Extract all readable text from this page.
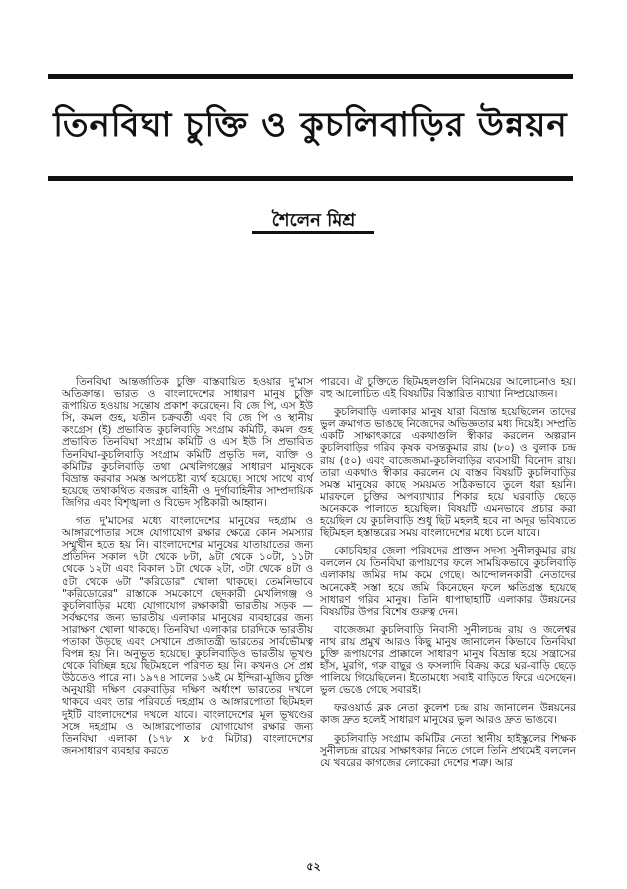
তিনবিঘা চুক্তি ও কুচলিবাড়ির উন্নয়ন
শৈলেন মিশ্র

তিনবিঘা আন্তর্জাতিক চুক্তি বাস্তবায়িত হওয়ার দু'মাস অতিক্রান্ত। ভারত ও বাংলাদেশের সাধারণ মানুষ চুক্তি রূপায়িত হওয়ায় সন্তোষ প্রকাশ করেছেন। বি জে পি, এস ইউ সি, কমল গুহ, যতীন চক্রবর্তী এবং বি জে পি ও স্থানীয় কংগ্রেস (ই) প্রভাবিত কুচলিবাড়ি সংগ্রাম কমিটি, কমল গুহ প্রভাবিত তিনবিঘা সংগ্রাম কমিটি ও এস ইউ সি প্রভাবিত তিনবিঘা-কুচলিবাড়ি সংগ্রাম কমিটি প্রভৃতি দল, ব্যক্তি ও কমিটির কুচলিবাড়ি তথা মেখলিগঞ্জের সাধারণ মানুষকে বিভ্রান্ত করবার সমস্ত অপচেষ্টা ব্যর্থ হয়েছে। সাথে সাথে ব্যর্থ হয়েছে তথাকথিত বজরঙ্গ বাহিনী ও দুর্গাবাহিনীর সাম্প্রদায়িক জিগির এবং বিশৃঙ্খলা ও বিভেদ সৃষ্টিকারী আহ্বান।

গত দু'মাসের মধ্যে বাংলাদেশের মানুষের দহগ্রাম ও আঙ্গারপোতার সঙ্গে যোগাযোগ রক্ষার ক্ষেত্রে কোন সমস্যার সম্মুখীন হতে হয় নি। বাংলাদেশের মানুষের যাতায়াতের জন্য প্রতিদিন সকাল ৭টা থেকে ৮টা, ৯টা থেকে ১০টা, ১১টা থেকে ১২টা এবং বিকাল ১টা থেকে ২টা, ৩টা থেকে ৪টা ও ৫টা থেকে ৬টা "করিডোর" খোলা থাকছে। তেমনিভাবে "করিডোরের" রাস্তাকে সমকোণে ছেদকারী মেখলিগঞ্জ ও কুচলিবাড়ির মধ্যে যোগাযোগ রক্ষাকারী ভারতীয় সড়ক — সর্বক্ষণের জন্য ভারতীয় এলাকার মানুষের ব্যবহারের জন্য সারাক্ষণ খোলা থাকছে। তিনবিঘা এলাকার চারদিকে ভারতীয় পতাকা উড়ছে এবং সেখানে প্রজাতন্ত্রী ভারতের সার্বভৌমত্ব বিপন্ন হয় নি। অনুভূত হয়েছে। কুচলিবাড়িও ভারতীয় ভূখণ্ড থেকে বিচ্ছিন্ন হয়ে ছিটমহলে পরিণত হয় নি। কখনও সে প্রশ্ন উঠতেও পারে না। ১৯৭৪ সালের ১৬ই মে ইন্দিরা-মুজিব চুক্তি অনুযায়ী দক্ষিণ বেরুবাড়ির দক্ষিণ অর্ধাংশ ভারতের দখলে থাকবে এবং তার পরিবর্তে দহগ্রাম ও আঙ্গারপোতা ছিটমহল দুইটি বাংলাদেশের দখলে যাবে। বাংলাদেশের মূল ভূখণ্ডের সঙ্গে দহগ্রাম ও আঙ্গারপোতার যোগাযোগ রক্ষার জন্য তিনবিঘা এলাকা (১৭৮ x ৮৫ মিটার) বাংলাদেশের জনসাধারণ ব্যবহার করতে

পারবে। ঐ চুক্তিতে ছিটমহলগুলি বিনিময়ের আলোচনাও হয়। বহু আলোচিত এই বিষয়টির বিস্তারিত ব্যাখ্যা নিষ্প্রয়োজন।

কুচলিবাড়ি এলাকার মানুষ যারা বিভ্রান্ত হয়েছিলেন তাদের ভুল ক্রমাগত ভাঙছে নিজেদের অভিজ্ঞতার মধ্য দিয়েই। সম্প্রতি একটি সাক্ষাৎকারে একথাগুলি স্বীকার করলেন অল্পরান কুচলিবাড়ির গরিব কৃষক বসন্তকুমার রায় (৮০) ও বুলাক চন্দ্র রায় (৫০) এবং বাজেজমা-কুচলিবাড়ির ব্যবসায়ী বিনোদ রায়। তারা একথাও স্বীকার করলেন যে বাস্তব বিষয়টি কুচলিবাড়ির সমস্ত মানুষের কাছে সময়মত সঠিকভাবে তুলে ধরা হয়নি। মারফলে চুক্তির অপব্যাখ্যার শিকার হয়ে ঘরবাড়ি ছেড়ে অনেককে পালাতে হয়েছিল। বিষয়টি এমনভাবে প্রচার করা হয়েছিল যে কুচলিবাড়ি শুধু ছিট মহলই হবে না অদূর ভবিষ্যতে ছিটমহল হস্তান্তরের সময় বাংলাদেশের মধ্যে চলে যাবে।

কোচবিহার জেলা পরিষদের প্রাক্তন সদস্য সুনীলকুমার রায় বললেন যে তিনবিঘা রূপায়ণের ফলে সাময়িকভাবে কুচলিবাড়ি এলাকায় জমির দাম কমে গেছে। আন্দোলনকারী নেতাদের অনেকেই সস্তা হয়ে জমি কিনেছেন ফলে ক্ষতিগ্রস্ত হয়েছে সাধারণ গরিব মানুষ। তিনি ধাপাছাহাটি এলাকার উন্নয়নের বিষয়টির উপর বিশেষ গুরুত্ব দেন।

বাজেজমা কুচলিবাড়ি নিবাসী সুনীলচন্দ্র রায় ও জলেশ্বর নাথ রায় প্রমুখ আরও কিছু মানুষ জানালেন কিভাবে তিনবিঘা চুক্তি রূপায়ণের প্রাক্কালে সাধারণ মানুষ বিভ্রান্ত হয়ে সন্ত্রাসের হাঁস, মুরগি, গরু বাছুর ও ফসলাদি বিক্রয় করে ঘর-বাড়ি ছেড়ে পালিয়ে গিয়েছিলেন। ইতোমধ্যে সবাই বাড়িতে ফিরে এসেছেন। ভুল ভেঙে গেছে সবারই।

ফরওয়ার্ড ব্লক নেতা কুলেশ চন্দ্র রায় জানালেন উন্নয়নের কাজ দ্রুত হলেই সাধারণ মানুষের ভুল আরও দ্রুত ভাঙবে।

কুচলিবাড়ি সংগ্রাম কমিটির নেতা স্থানীয় হাইস্কুলের শিক্ষক সুনীলচন্দ্র রায়ের সাক্ষাৎকার নিতে গেলে তিনি প্রথমেই বললেন যে খবরের কাগজের লোকেরা দেশের শত্রু। আর

৫২
